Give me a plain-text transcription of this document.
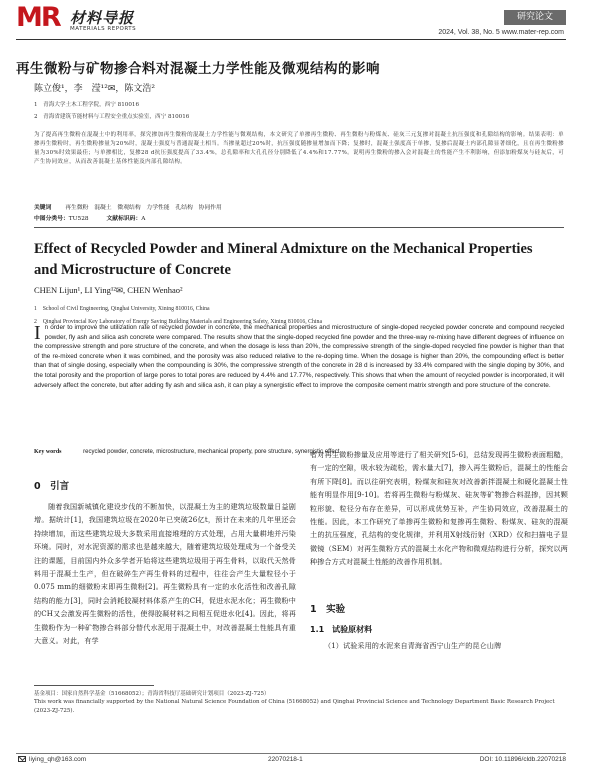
MR 材料导报
MATERIALS REPORTS
研究论文
2024, Vol. 38, No. 5 www.mater-rep.com
再生微粉与矿物掺合料对混凝土力学性能及微观结构的影响
陈立俊¹，李　滢¹²✉，陈文浩²
1　青海大学土木工程学院，西宁 810016
2　青海省建筑节能材料与工程安全重点实验室，西宁 810016
为了提高再生微粉在混凝土中的利用率，探究掺加再生微粉的混凝土力学性能与微观结构，本文研究了单掺再生微粉、再生微粉与粉煤灰、硅灰三元复掺对混凝土抗压强度和孔隙结构的影响。结果表明：单掺再生微粉时，再生微粉掺量为20%时，混凝土强度与普通混凝土相当。当掺量超过20%时，抗压强度随掺量增加而下降；复掺时，混凝土强度高于单掺，复掺后混凝土内部孔隙显著细化，且在再生微粉掺量为30%时效果最佳；与单掺相比，复掺28 d抗压强度提高了33.4%，总孔隙率和大孔孔径分别降低了4.4%和17.77%。说明再生微粉的掺入会对混凝土的性能产生不利影响，但添加粉煤灰与硅灰后，可产生协同效应，从而改善混凝土基体性能及内部孔隙结构。
关键词 再生微粉　混凝土　微观结构　力学性能　孔结构　协同作用
中图分类号：TU528	文献标识码：A
Effect of Recycled Powder and Mineral Admixture on the Mechanical Properties and Microstructure of Concrete
CHEN Lijun¹, LI Ying¹²✉, CHEN Wenhao²
1　School of Civil Engineering, Qinghai University, Xining 810016, China
2　Qinghai Provincial Key Laboratory of Energy Saving Building Materials and Engineering Safety, Xining 810016, China
In order to improve the utilization rate of recycled powder in concrete, the mechanical properties and microstructure of single-doped recycled powder concrete and compound recycled powder, fly ash and silica ash concrete were compared. The results show that the single-doped recycled fine powder and the three-way re-mixing have different degrees of influence on the compressive strength and pore structure of the concrete, and when the dosage is less than 20%, the compressive strength of the single-doped recycled fine powder is higher than that of the re-mixed concrete when it was combined, and the porosity was also reduced relative to the re-doping time. When the dosage is higher than 20%, the compounding effect is better than that of single dosing, especially when the compounding is 30%, the compressive strength of the concrete in 28 d is increased by 33.4% compared with the single doping by 30%, and the total porosity and the proportion of large pores to total pores are reduced by 4.4% and 17.77%, respectively. This shows that when the amount of recycled powder is incorporated, it will adversely affect the concrete, but after adding fly ash and silica ash, it can play a synergistic effect to improve the composite cement matrix strength and pore structure of the concrete.
Key words	recycled powder, concrete, microstructure, mechanical property, pore structure, synergistic effect
0　引言
随着我国新城镇化建设步伐的不断加快，以混凝土为主的建筑垃圾数量日益剧增。据统计[1]，我国建筑垃圾在2020年已突破26亿t，预计在未来的几年里还会持续增加，而这些建筑垃圾大多数采用直接堆埋的方式处理，占用大量耕地并污染环境。同时，对水泥资源的需求也是越来越大，随着建筑垃圾处理成为一个备受关注的课题，目前国内外众多学者开始将这些建筑垃圾用于再生骨料，以取代天然骨料用于混凝土生产，但在破碎生产再生骨料的过程中，往往会产生大量粒径小于0.075 mm的细微粉末即再生微粉[2]。再生微粉具有一定的水化活性和改善孔隙结构的能力[3]，同时会消耗胶凝材料体系产生的CH，促进水泥水化；再生微粉中的CH又会激发再生微粉的活性，使得胶凝材料之间相互促进水化[4]。因此，将再生微粉作为一种矿物掺合料部分替代水泥用于混凝土中，对改善混凝土性能具有重大意义。对此，有学
者对再生微粉掺量及应用等进行了相关研究[5-6]，总结发现再生微粉表面粗糙，有一定的空隙，吸水较为疏松，需水量大[7]，掺入再生微粉后，混凝土的性能会有所下降[8]。而以往研究表明，粉煤灰和硅灰对改善新拌混凝土和硬化混凝土性能有明显作用[9-10]。若将再生微粉与粉煤灰、硅灰等矿物掺合料混掺，因其颗粒形貌、粒径分布存在差异，可以形成优势互补，产生协同效应，改善混凝土的性能。因此，本工作研究了单掺再生微粉和复掺再生微粉、粉煤灰、硅灰的混凝土的抗压强度，孔结构的变化规律，并利用X射线衍射（XRD）仪和扫描电子显微镜（SEM）对再生微粉方式的混凝土水化产物和微观结构进行分析，探究以两种掺合方式对混凝土性能的改善作用机制。
1　实验
1.1　试验原材料
（1）试验采用的水泥来自青海省西宁山生产的昆仑山牌
基金项目：国家自然科学基金（51668052）；青海省科技厅基础研究计划项目（2023-ZJ-725）
This work was financially supported by the National Natural Science Foundation of China (51668052) and Qinghai Provincial Science and Technology Department Basic Research Project (2023-ZJ-725).
liying_qh@163.com	22070218-1	DOI: 10.11896/cldb.22070218
